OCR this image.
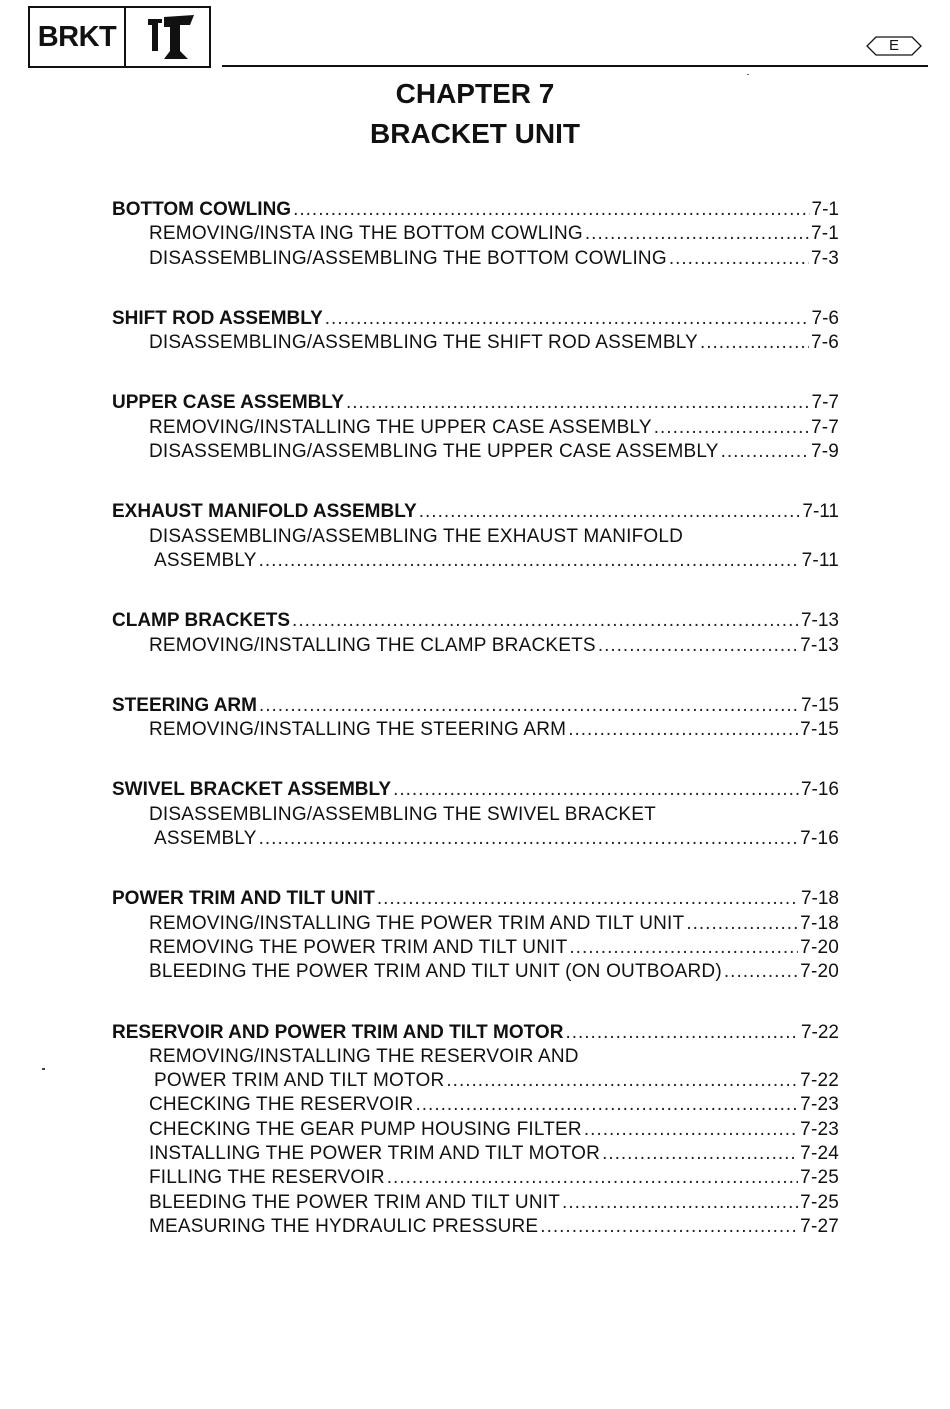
BRKT	E
CHAPTER 7
BRACKET UNIT
BOTTOM COWLING .....	7-1
REMOVING/INSTA ING THE BOTTOM COWLING .....	7-1
DISASSEMBLING/ASSEMBLING THE BOTTOM COWLING .....	7-3
SHIFT ROD ASSEMBLY .....	7-6
DISASSEMBLING/ASSEMBLING THE SHIFT ROD ASSEMBLY .....	7-6
UPPER CASE ASSEMBLY .....	7-7
REMOVING/INSTALLING THE UPPER CASE ASSEMBLY .....	7-7
DISASSEMBLING/ASSEMBLING THE UPPER CASE ASSEMBLY .....	7-9
EXHAUST MANIFOLD ASSEMBLY .....	7-11
DISASSEMBLING/ASSEMBLING THE EXHAUST MANIFOLD
ASSEMBLY .....	7-11
CLAMP BRACKETS .....	7-13
REMOVING/INSTALLING THE CLAMP BRACKETS .....	7-13
STEERING ARM .....	7-15
REMOVING/INSTALLING THE STEERING ARM .....	7-15
SWIVEL BRACKET ASSEMBLY .....	7-16
DISASSEMBLING/ASSEMBLING THE SWIVEL BRACKET
ASSEMBLY .....	7-16
POWER TRIM AND TILT UNIT .....	7-18
REMOVING/INSTALLING THE POWER TRIM AND TILT UNIT .....	7-18
REMOVING THE POWER TRIM AND TILT UNIT .....	7-20
BLEEDING THE POWER TRIM AND TILT UNIT (ON OUTBOARD) .....	7-20
RESERVOIR AND POWER TRIM AND TILT MOTOR .....	7-22
REMOVING/INSTALLING THE RESERVOIR AND
POWER TRIM AND TILT MOTOR .....	7-22
CHECKING THE RESERVOIR .....	7-23
CHECKING THE GEAR PUMP HOUSING FILTER .....	7-23
INSTALLING THE POWER TRIM AND TILT MOTOR .....	7-24
FILLING THE RESERVOIR .....	7-25
BLEEDING THE POWER TRIM AND TILT UNIT .....	7-25
MEASURING THE HYDRAULIC PRESSURE .....	7-27
